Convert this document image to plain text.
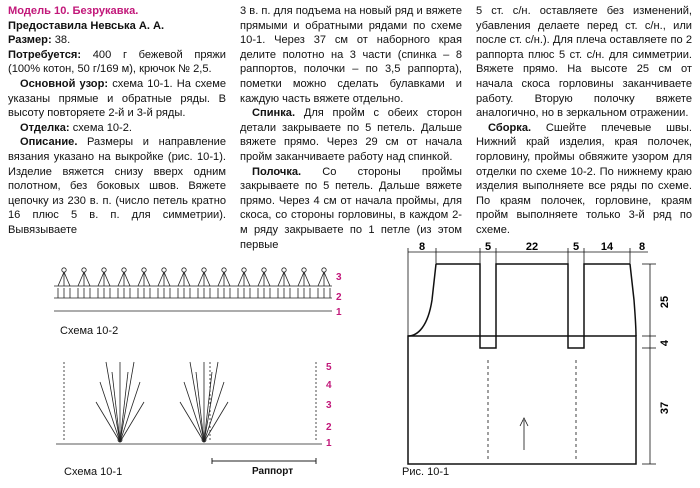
Модель 10. Безрукавка.

Предоставила Невська А. А.

Размер: 38.

Потребуется: 400 г бежевой пряжи (100% котон, 50 г/169 м), крючок № 2,5.

Основной узор: схема 10-1. На схеме указаны прямые и обратные ряды. В высоту повторяете 2-й и 3-й ряды.

Отделка: схема 10-2.

Описание. Размеры и направление вязания указано на выкройке (рис. 10-1). Изделие вяжется снизу вверх одним полотном, без боковых швов. Вяжете цепочку из 230 в. п. (число петель кратно 16 плюс 5 в. п. для симметрии). Вывязываете

3 в. п. для подъема на новый ряд и вяжете прямыми и обратными рядами по схеме 10-1. Через 37 см от наборного края делите полотно на 3 части (спинка – 8 раппортов, полочки – по 3,5 раппорта), пометки можно сделать булавками и каждую часть вяжете отдельно.

Спинка. Для пройм с обеих сторон детали закрываете по 5 петель. Дальше вяжете прямо. Через 29 см от начала пройм заканчиваете работу над спинкой.

Полочка. Со стороны проймы закрываете по 5 петель. Дальше вяжете прямо. Через 4 см от начала проймы, для скоса, со стороны горловины, в каждом 2-м ряду закрываете по 1 петле (из этом первые

5 ст. с/н. оставляете без изменений, убавления делаете перед ст. с/н., или после ст. с/н.). Для плеча оставляете по 2 раппорта плюс 5 ст. с/н. для симметрии. Вяжете прямо. На высоте 25 см от начала скоса горловины заканчиваете работу. Вторую полочку вяжете аналогично, но в зеркальном отражении.

Сборка. Сшейте плечевые швы. Нижний край изделия, края полочек, горловину, проймы обвяжите узором для отделки по схеме 10-2. По нижнему краю изделия выполняете все ряды по схеме. По краям полочек, горловине, краям пройм выполняете только 3-й ряд по схеме.

1
2
3
Схема 10-2
1
2
3
4
5
Схема 10-1	Раппорт
8	5	22	5 14 8
25
4
37
Рис. 10-1
